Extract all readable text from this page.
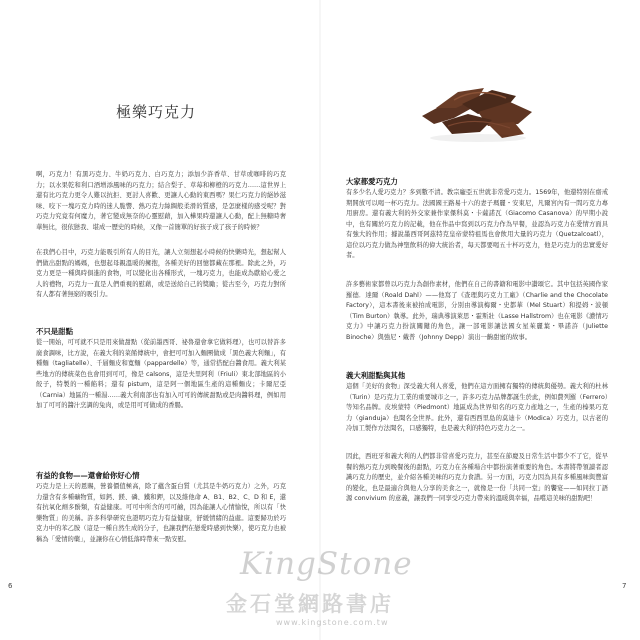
極樂巧克力

啊，巧克力！有黑巧克力、牛奶巧克力、白巧克力；添加少許香草、甘草或咖啡的巧克力；以水果乾和利口酒增添風味的巧克力；結合梨子、草莓和柳橙的巧克力……這世界上還有比巧克力更令人難以抗拒、更討人喜歡、更讓人心動的東西嗎？果仁巧克力的絕妙滋味、咬下一塊巧克力時的迷人脆響、熱巧克力絲綢般柔滑的質感，是怎麼樣的感受呢？對巧克力究竟有何魔力，著它變成無奈的心靈慰藉，加入樺果時還讓人心動，配上無糖時奢華無比，很依戀我、堪成一歷史的時候，又像一首簡單的好孩子成了孩子的時候？

在我們心目中，巧克力能吸引所有人的目光，讓人立刻想起小時候的快樂時光，想起幫人們做出甜點的媽媽，也想起母親溫暖的擁抱，各種美好的回憶都藏在那裡。除此之外，巧克力更是一種與時俱進的食物，可以變化出各種形式，一塊巧克力，也能成為獻給心愛之人的禮物，巧克力一直是人們重視的慰藉，或是送給自己的獎勵；從古至今，巧克力對所有人都有著無窮的吸引力。

不只是甜點

從一開始，可可就不只是用來做甜點（從前墨西哥、祕魯還會拿它做料理），也可以替許多廣食調味，比方說，在義大利的菜餚傳統中，會把可可加入麵團做成「黑色義大利麵」，有種麵（tagliatelle）、千層麵皮和寬麵（pappardelle）等，通常搭配白醬食用。義大利某些地方的傳統菜色也會用到可可，像是 calsons，這是夫里阿利（Friuli）東北部地區的小餃子，特製的一種餡料；還有 pistum，這是阿一個地區生產的這種麵皮；卡爾尼亞（Carnia）地區的一種湯……義大利南部也有加入可可的傳統甜點或是肉醬料理，例如用加了可可的醬汁烹調的兔肉，或是用可可做成的香腸。

有益的食物——還會給你好心情

巧克力是上天的恩賜，營養價值極高，除了蘊含蛋白質（尤其是牛奶巧克力）之外，巧克力還含有多種礦物質，如鈣、鎂、磷、鐵和鉀，以及維他命 A、B1、B2、C、D 和 E，還有抗氧化劑多酚類，有益健康。可可中所含的可可鹼，因為能讓人心情愉悅，所以有「快樂物質」的美稱。許多科學研究也證明巧克力有益健康，舒緩情緒的益處。這要歸功於巧克力中的苯乙胺（這是一種自然生成的分子，也讓我們在戀愛時感到快樂），使巧克力也被稱為「愛情的藥」，並讓你在心情低落時帶來一點安慰。

6	7
大家都愛巧克力

有多少名人愛巧克力？多到數不清。教宗龐亞五世就非常愛巧克力。1569年，他還特別在齋戒期開放可以喝一杯巧克力。法國國王路易十六的妻子瑪麗・安東尼，凡爾宮內有一間巧克力專用廚房。還有義大利的外交家兼作家傑科莫・卡薩諾瓦（Giacomo Casanova）的早期小說中，也有關於巧克力的記載，他在作品中寫到以巧克力作為早餐，並認為巧克力在愛情方面具有強大的作用；據說墨西哥阿茲特克皇帝蒙特祖馬也會飲用大量的巧克力（Quetzalcoatl），這位以巧克力做為神聖飲料的偉大統治者，每天都要喝五十杯巧克力，他是巧克力的忠實愛好者。

許多藝術家都曾以巧克力為創作素材，他們在自己的書籍和電影中讚頌它。其中包括英國作家羅德．達爾（Roald Dahl）——他寫了《查理與巧克力工廠》（Charlie and the Chocolate Factory），這本書後來被拍成電影，分別由導演梅爾・史都華（Mel Stuart）和提姆・波頓（Tim Burton）執導。此外，瑞典導演萊思・霍斯壯（Lasse Hallstrom）也在電影《濃情巧克力》中讓巧克力扮演關鍵的角色，讓一部電影讓法國女星茱麗葉・畢諾許（Juliette Binoche）與強尼・戴普（Johnny Depp）演出一齣甜蜜的故事。

義大利甜點與其他

這個「美好的食物」深受義大利人喜愛，他們在這方面擁有獨特的傳統與優勢。義大利的杜林（Turin）是巧克力工業的重要城市之一，許多巧克力品牌都誕生於此，例如費列羅（Ferrero）等知名品牌。皮埃蒙特（Piedmont）地區成為世界知名的巧克力產地之一，生產的榛果巧克力（gianduja）也聞名全世界。此外，還有西西里島的莫迪卡（Modica）巧克力，以古老的冷加工製作方法聞名，口感獨特，也是義大利的特色巧克力之一。

因此，西班牙和義大利的人們都非常喜愛巧克力，甚至在節慶及日常生活中都少不了它，從早餐的熱巧克力到晚餐後的甜點，巧克力在各種場合中都扮演著重要的角色。本書將帶領讀者認識巧克力的歷史，並介紹各種美味的巧克力食譜。另一方面，巧克力因為具有多種風味與豐富的變化，也是最適合與他人分享的美食之一，就像是一份「共同一堂」的饗宴——如同拉丁語源 convivium 的意義，讓我們一同享受巧克力帶來的溫暖與幸福，品嚐這美味的甜點吧！

KingStone
金石堂網路書店
www.kingstone.com.tw
